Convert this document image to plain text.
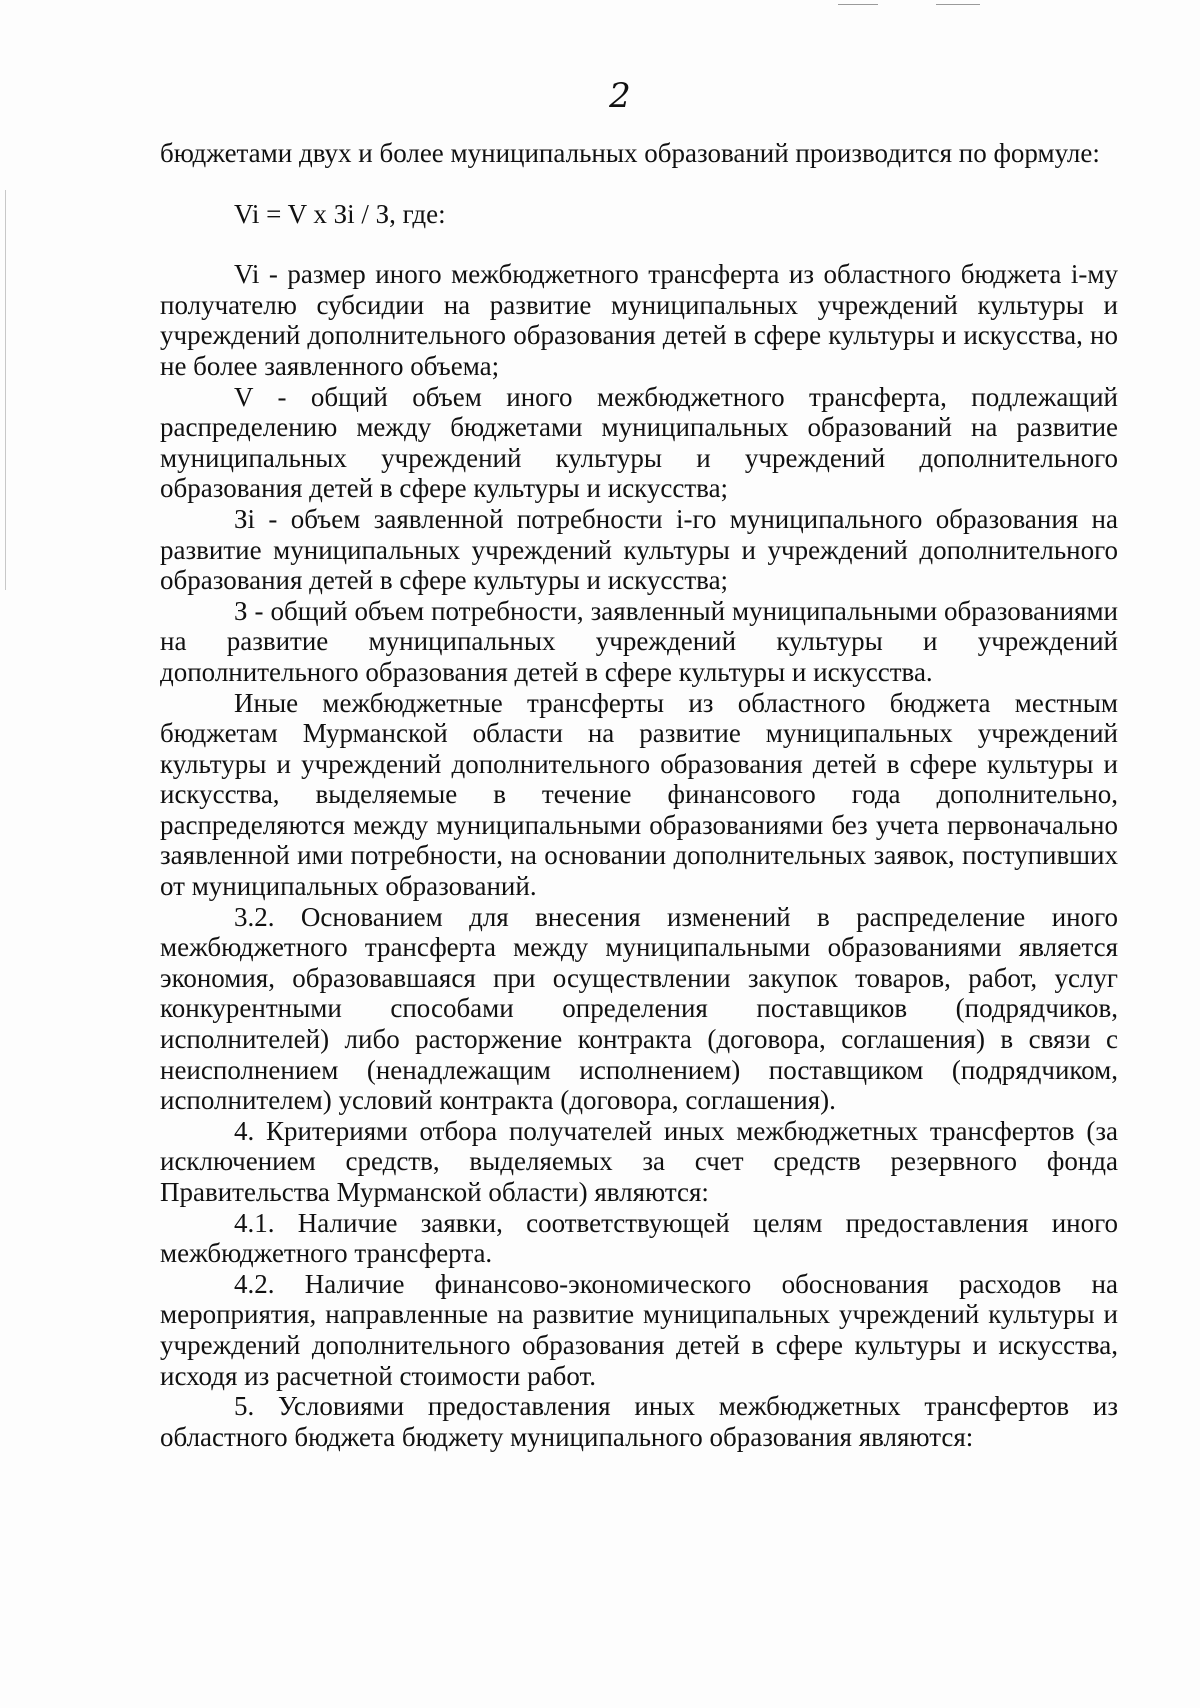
2

бюджетами двух и более муниципальных образований производится по формуле:

Vi = V x Зi / З, где:

Vi - размер иного межбюджетного трансферта из областного бюджета i-му получателю субсидии на развитие муниципальных учреждений культуры и учреждений дополнительного образования детей в сфере культуры и искусства, но не более заявленного объема;

V - общий объем иного межбюджетного трансферта, подлежащий распределению между бюджетами муниципальных образований на развитие муниципальных учреждений культуры и учреждений дополнительного образования детей в сфере культуры и искусства;

Зi - объем заявленной потребности i-го муниципального образования на развитие муниципальных учреждений культуры и учреждений дополнительного образования детей в сфере культуры и искусства;

З - общий объем потребности, заявленный муниципальными образованиями на развитие муниципальных учреждений культуры и учреждений дополнительного образования детей в сфере культуры и искусства.

Иные межбюджетные трансферты из областного бюджета местным бюджетам Мурманской области на развитие муниципальных учреждений культуры и учреждений дополнительного образования детей в сфере культуры и искусства, выделяемые в течение финансового года дополнительно, распределяются между муниципальными образованиями без учета первоначально заявленной ими потребности, на основании дополнительных заявок, поступивших от муниципальных образований.

3.2. Основанием для внесения изменений в распределение иного межбюджетного трансферта между муниципальными образованиями является экономия, образовавшаяся при осуществлении закупок товаров, работ, услуг конкурентными способами определения поставщиков (подрядчиков, исполнителей) либо расторжение контракта (договора, соглашения) в связи с неисполнением (ненадлежащим исполнением) поставщиком (подрядчиком, исполнителем) условий контракта (договора, соглашения).

4. Критериями отбора получателей иных межбюджетных трансфертов (за исключением средств, выделяемых за счет средств резервного фонда Правительства Мурманской области) являются:

4.1. Наличие заявки, соответствующей целям предоставления иного межбюджетного трансферта.

4.2. Наличие финансово-экономического обоснования расходов на мероприятия, направленные на развитие муниципальных учреждений культуры и учреждений дополнительного образования детей в сфере культуры и искусства, исходя из расчетной стоимости работ.

5. Условиями предоставления иных межбюджетных трансфертов из областного бюджета бюджету муниципального образования являются:
